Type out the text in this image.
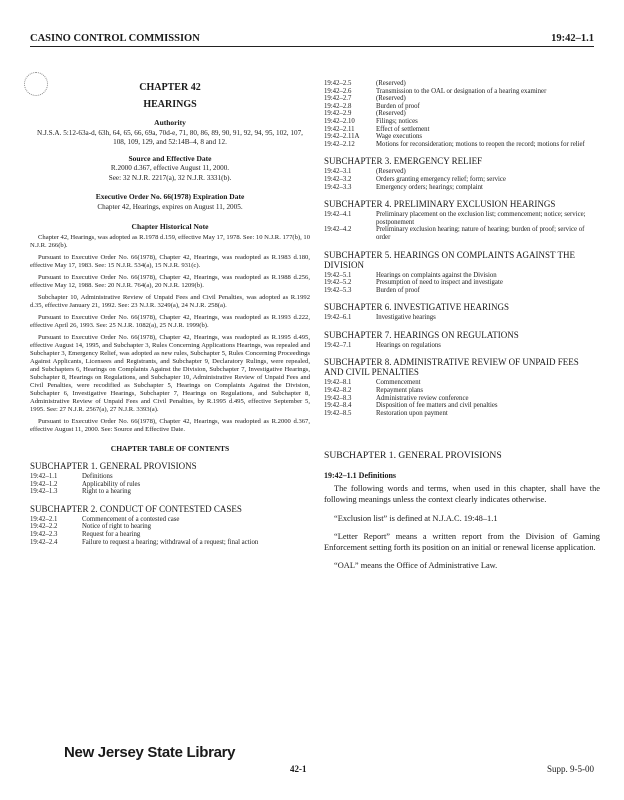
CASINO CONTROL COMMISSION	19:42–1.1
CHAPTER 42
HEARINGS
Authority
N.J.S.A. 5:12-63a-d, 63h, 64, 65, 66, 69a, 70d-e, 71, 80, 86, 89, 90, 91, 92, 94, 95, 102, 107, 108, 109, 129, and 52:14B–4, 8 and 12.
Source and Effective Date
R.2000 d.367, effective August 11, 2000.
See: 32 N.J.R. 2217(a), 32 N.J.R. 3331(b).
Executive Order No. 66(1978) Expiration Date
Chapter 42, Hearings, expires on August 11, 2005.
Chapter Historical Note

Chapter 42, Hearings, was adopted as R.1978 d.159, effective May 17, 1978. See: 10 N.J.R. 177(b), 10 N.J.R. 266(b).

Pursuant to Executive Order No. 66(1978), Chapter 42, Hearings, was readopted as R.1983 d.180, effective May 17, 1983. See: 15 N.J.R. 534(a), 15 N.J.R. 931(c).

Pursuant to Executive Order No. 66(1978), Chapter 42, Hearings, was readopted as R.1988 d.256, effective May 12, 1988. See: 20 N.J.R. 764(a), 20 N.J.R. 1209(b).

Subchapter 10, Administrative Review of Unpaid Fees and Civil Penalties, was adopted as R.1992 d.35, effective January 21, 1992. See: 23 N.J.R. 3249(a), 24 N.J.R. 258(a).

Pursuant to Executive Order No. 66(1978), Chapter 42, Hearings, was readopted as R.1993 d.222, effective April 26, 1993. See: 25 N.J.R. 1082(a), 25 N.J.R. 1999(b).

Pursuant to Executive Order No. 66(1978), Chapter 42, Hearings, was readopted as R.1995 d.495, effective August 14, 1995, and Subchapter 3, Rules Concerning Applications Hearings, was repealed and Subchapter 3, Emergency Relief, was adopted as new rules, Subchapter 5, Rules Concerning Proceedings Against Applicants, Licensees and Registrants, and Subchapter 9, Declaratory Rulings, were repealed, and Subchapters 6, Hearings on Complaints Against the Division, Subchapter 7, Investigative Hearings, Subchapter 8, Hearings on Regulations, and Subchapter 10, Administrative Review of Unpaid Fees and Civil Penalties, were recodified as Subchapter 5, Hearings on Complaints Against the Division, Subchapter 6, Investigative Hearings, Subchapter 7, Hearings on Regulations, and Subchapter 8, Administrative Review of Unpaid Fees and Civil Penalties, by R.1995 d.495, effective September 5, 1995. See: 27 N.J.R. 2567(a), 27 N.J.R. 3393(a).

Pursuant to Executive Order No. 66(1978), Chapter 42, Hearings, was readopted as R.2000 d.367, effective August 11, 2000. See: Source and Effective Date.

CHAPTER TABLE OF CONTENTS
SUBCHAPTER 1. GENERAL PROVISIONS
19:42–1.1	Definitions
19:42–1.2	Applicability of rules
19:42–1.3	Right to a hearing
SUBCHAPTER 2. CONDUCT OF CONTESTED CASES
19:42–2.1	Commencement of a contested case
19:42–2.2	Notice of right to hearing
19:42–2.3	Request for a hearing
19:42–2.4	Failure to request a hearing; withdrawal of a request; final action
19:42–2.5	(Reserved)
19:42–2.6	Transmission to the OAL or designation of a hearing examiner
19:42–2.7	(Reserved)
19:42–2.8	Burden of proof
19:42–2.9	(Reserved)
19:42–2.10	Filings; notices
19:42–2.11	Effect of settlement
19:42–2.11A	Wage executions
19:42–2.12	Motions for reconsideration; motions to reopen the record; motions for relief
SUBCHAPTER 3. EMERGENCY RELIEF
19:42–3.1	(Reserved)
19:42–3.2	Orders granting emergency relief; form; service
19:42–3.3	Emergency orders; hearings; complaint
SUBCHAPTER 4. PRELIMINARY EXCLUSION HEARINGS
19:42–4.1	Preliminary placement on the exclusion list; commencement; notice; service; postponement
19:42–4.2	Preliminary exclusion hearing; nature of hearing; burden of proof; service of order
SUBCHAPTER 5. HEARINGS ON COMPLAINTS AGAINST THE DIVISION
19:42–5.1	Hearings on complaints against the Division
19:42–5.2	Presumption of need to inspect and investigate
19:42–5.3	Burden of proof
SUBCHAPTER 6. INVESTIGATIVE HEARINGS
19:42–6.1	Investigative hearings
SUBCHAPTER 7. HEARINGS ON REGULATIONS
19:42–7.1	Hearings on regulations
SUBCHAPTER 8. ADMINISTRATIVE REVIEW OF UNPAID FEES AND CIVIL PENALTIES
19:42–8.1	Commencement
19:42–8.2	Repayment plans
19:42–8.3	Administrative review conference
19:42–8.4	Disposition of fee matters and civil penalties
19:42–8.5	Restoration upon payment
SUBCHAPTER 1. GENERAL PROVISIONS
19:42–1.1 Definitions

The following words and terms, when used in this chapter, shall have the following meanings unless the context clearly indicates otherwise.

“Exclusion list” is defined at N.J.A.C. 19:48–1.1

“Letter Report” means a written report from the Division of Gaming Enforcement setting forth its position on an initial or renewal license application.

“OAL” means the Office of Administrative Law.

New Jersey State Library
42-1	Supp. 9-5-00
